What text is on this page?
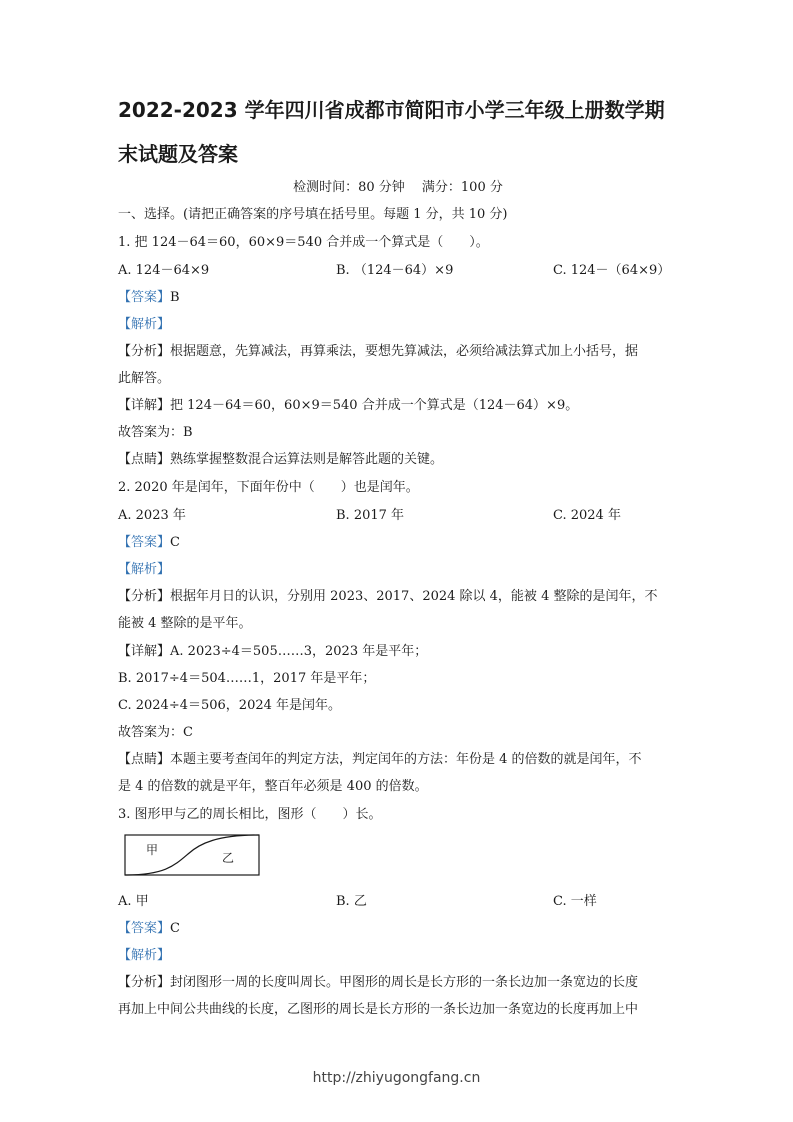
2022-2023 学年四川省成都市简阳市小学三年级上册数学期
末试题及答案
检测时间：80 分钟　 满分：100 分
一、选择。(请把正确答案的序号填在括号里。每题 1 分，共 10 分)
1. 把 124－64＝60，60×9＝540 合并成一个算式是（　　）。
A. 124－64×9	B. （124－64）×9	C. 124－（64×9）
【答案】B
【解析】
【分析】根据题意，先算减法，再算乘法，要想先算减法，必须给减法算式加上小括号，据
此解答。
【详解】把 124－64＝60，60×9＝540 合并成一个算式是（124－64）×9。
故答案为：B
【点睛】熟练掌握整数混合运算法则是解答此题的关键。
2. 2020 年是闰年，下面年份中（　　）也是闰年。
A. 2023 年	B. 2017 年	C. 2024 年
【答案】C
【解析】
【分析】根据年月日的认识，分别用 2023、2017、2024 除以 4，能被 4 整除的是闰年，不
能被 4 整除的是平年。
【详解】A. 2023÷4＝505……3，2023 年是平年；
B. 2017÷4＝504……1，2017 年是平年；
C. 2024÷4＝506，2024 年是闰年。
故答案为：C
【点睛】本题主要考查闰年的判定方法，判定闰年的方法：年份是 4 的倍数的就是闰年，不
是 4 的倍数的就是平年，整百年必须是 400 的倍数。
3. 图形甲与乙的周长相比，图形（　　）长。
甲
乙
A. 甲	B. 乙	C. 一样
【答案】C
【解析】
【分析】封闭图形一周的长度叫周长。甲图形的周长是长方形的一条长边加一条宽边的长度
再加上中间公共曲线的长度，乙图形的周长是长方形的一条长边加一条宽边的长度再加上中
http://zhiyugongfang.cn
